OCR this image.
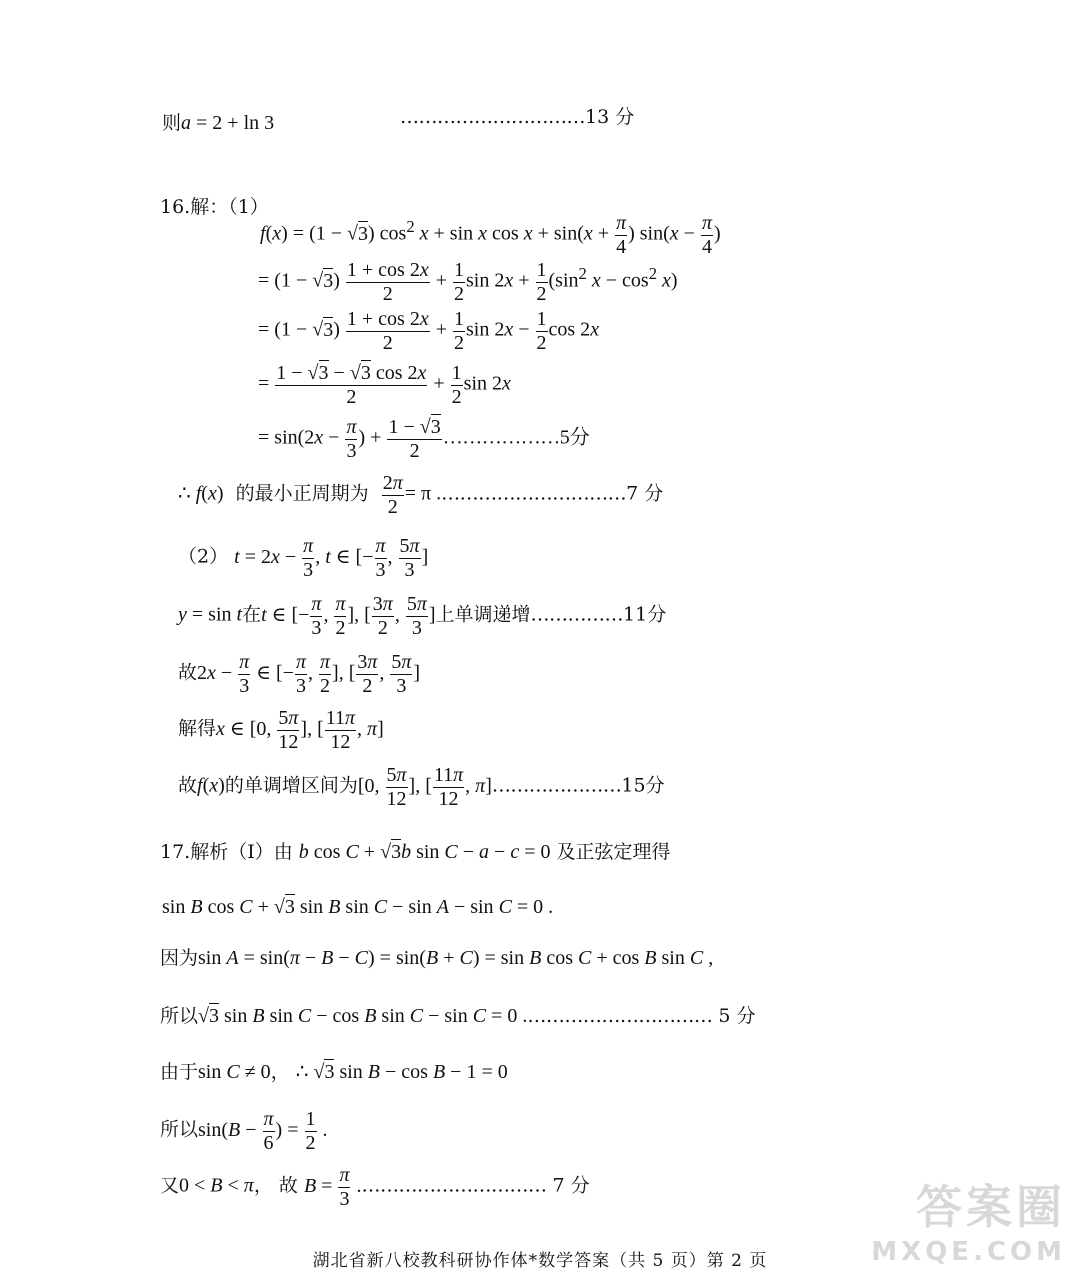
则a = 2 + ln 3	…………………………13 分
16.解：（1）
f(x) = (1 − √3) $\cos^2 x + \sin x$ $\cos x + \sin(x + \frac{\pi}{4}$ ) $\sin(x - \frac{\pi}{4}$ )
= $(1 - √3) \frac{1 + \cos 2x}{2} + \frac{1}{2}$ $\sin 2x + \frac{1}{2} (\sin^2$ $x - \cos^2 x$)
= $(1 - √3) \frac{1 + \cos 2x}{2} + \frac{1}{2}$ $\sin 2x - \frac{1}{2}$ cos 2x
= $\frac{1 - √3 - √3 \cos 2x}{2} + \frac{1}{2}$ sin 2x
= $\sin(2x - \frac{\pi}{3}$ ) + $\frac{1 - √3}{2}$ ………………5分
∴ f(x) 的最小正周期为 $\frac{2\pi}{2} = \pi$ .…………………………7 分
（2） $t = 2x - \frac{\pi}{3}$ , t ∈ [− $\frac{\pi}{3}$ , $\frac{5\pi}{3}$ ]
y = sin t在t ∈ [− $\frac{\pi}{3}$ , $\frac{\pi}{2}$ ], [ $\frac{3\pi}{2}$ , $\frac{5\pi}{3}$ ]上单调递增……………11分
故$2x - \frac{\pi}{3}$ ∈ [− $\frac{\pi}{3}$ , $\frac{\pi}{2}$ ], [ $\frac{3\pi}{2}$ , $\frac{5\pi}{3}$ ]
解得x ∈ [0, $\frac{5\pi}{12}$ ], [ $\frac{11\pi}{12}$ , π]
故f(x)的单调增区间为[0, $\frac{5\pi}{12}$ ], [ $\frac{11\pi}{12}$ , π]…………………15分
17.解析（I）由 b cos C + √3b sin C − a − c = 0 及正弦定理得
sin B cos C + √3 sin B sin C − sin A − sin C = 0 .
因为sin A = sin(π − B − C) = sin(B + C) = sin B cos C + cos B sin C ,
所以√3 sin B sin C − cos B sin C − sin C = 0 .………………………… 5 分
由于sin C ≠ 0， ∴ √3 sin B − cos B − 1 = 0
所以$\sin(B - \frac{\pi}{6}$ ) = $\frac{1}{2}$ .
又0 < B < π， 故 $B = \frac{\pi}{3}$ .………………………… 7 分	答案圈
MXQE.COM
湖北省新八校教科研协作体*数学答案（共 5 页）第 2 页
